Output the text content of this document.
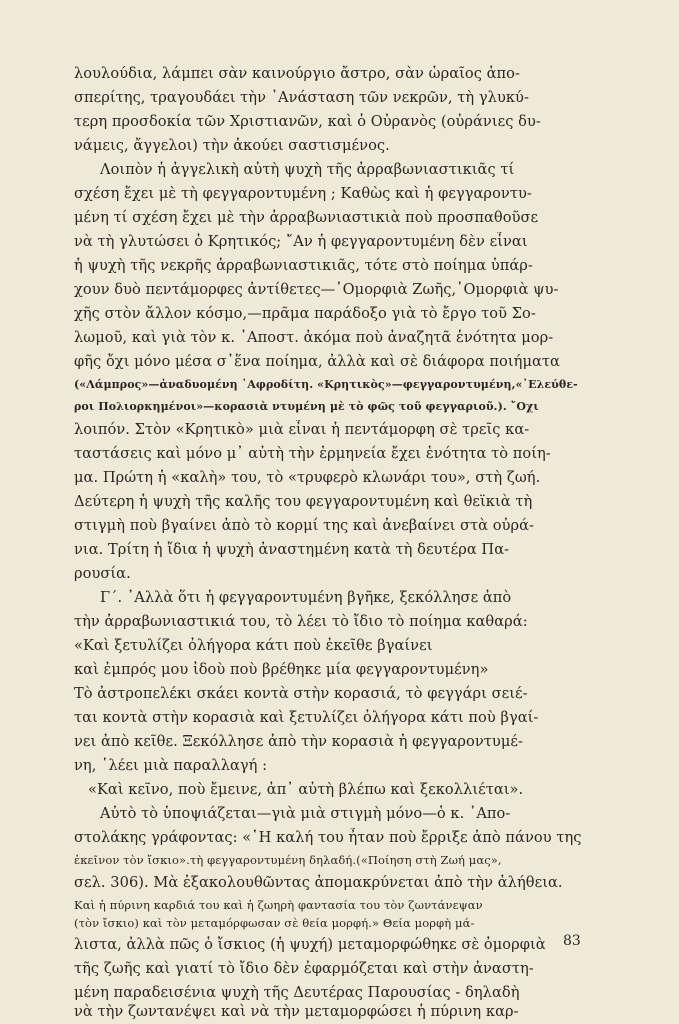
λουλούδια, λάμπει σὰν καινούργιο ἄστρο, σὰν ὡραῖος ἀπο-
σπερίτης, τραγουδάει τὴν ᾽Ανάσταση τῶν νεκρῶν, τὴ γλυκύ-
τερη προσδοκία τῶν Χριστιανῶν, καὶ ὁ Οὐρανὸς (οὐράνιες δυ-
νάμεις, ἄγγελοι) τὴν ἀκούει σαστισμένος.
Λοιπὸν ἡ ἀγγελικὴ αὐτὴ ψυχὴ τῆς ἀρραβωνιαστικιᾶς τί
σχέση ἔχει μὲ τὴ φεγγαροντυμένη ; Καθὼς καὶ ἡ φεγγαροντυ-
μένη τί σχέση ἔχει μὲ τὴν ἀρραβωνιαστικιὰ ποὺ προσπαθοῦσε
νὰ τὴ γλυτώσει ὁ Κρητικός; ῎Αν ἡ φεγγαροντυμένη δὲν εἶναι
ἡ ψυχὴ τῆς νεκρῆς ἀρραβωνιαστικιᾶς, τότε στὸ ποίημα ὑπάρ-
χουν δυὸ πεντάμορφες ἀντίθετες—῾Ομορφιὰ Ζωῆς,῾Ομορφιὰ ψυ-
χῆς στὸν ἄλλον κόσμο,—πρᾶμα παράδοξο γιὰ τὸ ἔργο τοῦ Σο-
λωμοῦ, καὶ γιὰ τὸν κ. ᾽Αποστ. ἀκόμα ποὺ ἀναζητᾶ ἑνότητα μορ-
φῆς ὄχι μόνο μέσα σ᾽ἕνα ποίημα, ἀλλὰ καὶ σὲ διάφορα ποιήματα
(«Λάμπρος»—ἀναδυομένη ᾽Αφροδίτη. «Κρητικὸς»—φεγγαροντυμένη,«᾽Ελεύθε-
ροι Πολιορκημένοι»—κορασιὰ ντυμένη μὲ τὸ φῶς τοῦ φεγγαριοῦ.). ῎Οχι
λοιπόν. Στὸν «Κρητικὸ» μιὰ εἶναι ἡ πεντάμορφη σὲ τρεῖς κα-
ταστάσεις καὶ μόνο μ᾽ αὐτὴ τὴν ἑρμηνεία ἔχει ἑνότητα τὸ ποίη-
μα. Πρώτη ἡ «καλὴ» του, τὸ «τρυφερὸ κλωνάρι του», στὴ ζωή.
Δεύτερη ἡ ψυχὴ τῆς καλῆς του φεγγαροντυμένη καὶ θεϊκιὰ τὴ
στιγμὴ ποὺ βγαίνει ἀπὸ τὸ κορμί της καὶ ἀνεβαίνει στὰ οὐρά-
νια. Τρίτη ἡ ἴδια ἡ ψυχὴ ἀναστημένη κατὰ τὴ δευτέρα Πα-
ρουσία.
Γ΄. ᾽Αλλὰ ὅτι ἡ φεγγαροντυμένη βγῆκε, ξεκόλλησε ἀπὸ
τὴν ἀρραβωνιαστικιά του, τὸ λέει τὸ ἴδιο τὸ ποίημα καθαρά:
«Καὶ ξετυλίζει ὀλήγορα κάτι ποὺ ἐκεῖθε βγαίνει
καὶ ἐμπρός μου ἰδοὺ ποὺ βρέθηκε μία φεγγαροντυμένη»
Τὸ ἀστροπελέκι σκάει κοντὰ στὴν κορασιά, τὸ φεγγάρι σειέ-
ται κοντὰ στὴν κορασιὰ καὶ ξετυλίζει ὀλήγορα κάτι ποὺ βγαί-
νει ἀπὸ κεῖθε. Ξεκόλλησε ἀπὸ τὴν κορασιὰ ἡ φεγγαροντυμέ-
νη, ῾λέει μιὰ παραλλαγή :
«Καὶ κεῖνο, ποὺ ἔμεινε, ἀπ᾽ αὐτὴ βλέπω καὶ ξεκολλιέται».
Αὐτὸ τὸ ὑποψιάζεται—γιὰ μιὰ στιγμὴ μόνο—ὁ κ. ᾽Απο-
στολάκης γράφοντας: «῾Η καλή του ἦταν ποὺ ἔρριξε ἀπὸ πάνου της
ἐκεῖνον τὸν ἴσκιο».τὴ φεγγαροντυμένη δηλαδή.(«Ποίηση στὴ Ζωή μας»,
σελ. 306). Μὰ ἐξακολουθῶντας ἀπομακρύνεται ἀπὸ τὴν ἀλήθεια.
Καὶ ἡ πύρινη καρδιά του καὶ ἡ ζωηρὴ φαντασία του τὸν ζωντάνεψαν
(τὸν ἴσκιο) καὶ τὸν μεταμόρφωσαν σὲ θεία μορφή.» Θεία μορφὴ μά-
λιστα, ἀλλὰ πῶς ὁ ἴσκιος (ἡ ψυχή) μεταμορφώθηκε σὲ ὀμορφιὰ
τῆς ζωῆς καὶ γιατί τὸ ἴδιο δὲν ἐφαρμόζεται καὶ στὴν ἀναστη-
μένη παραδεισένια ψυχὴ τῆς Δευτέρας Παρουσίας - δηλαδὴ
νὰ τὴν ζωντανέψει καὶ νὰ τὴν μεταμορφώσει ἡ πύρινη καρ-
83
